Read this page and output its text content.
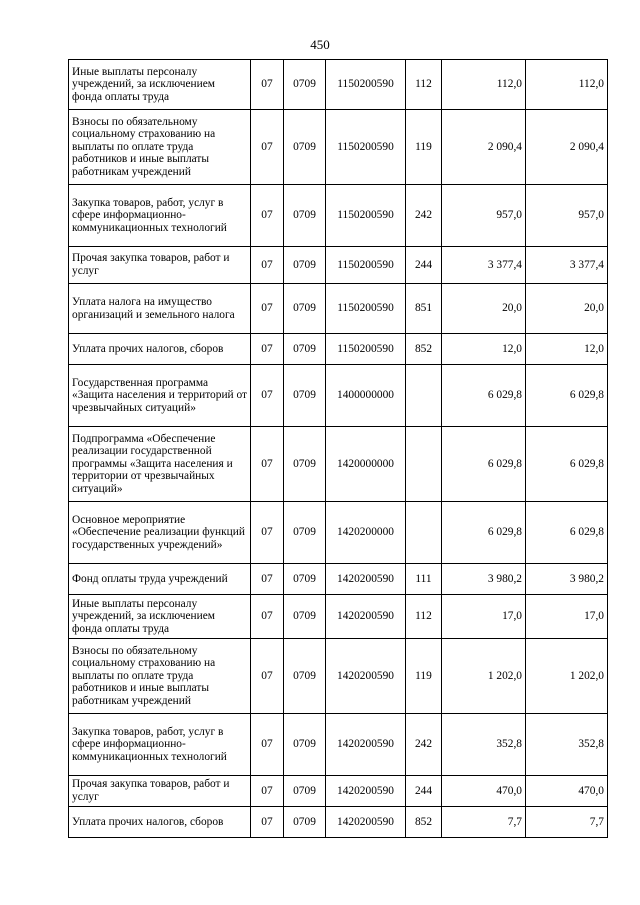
450
Иные выплаты персоналу учреждений, за исключением фонда оплаты труда	07	0709	1150200590	112	112,0	112,0
Взносы по обязательному социальному страхованию на выплаты по оплате труда работников и иные выплаты работникам учреждений	07	0709	1150200590	119	2 090,4	2 090,4
Закупка товаров, работ, услуг в сфере информационно-коммуникационных технологий	07	0709	1150200590	242	957,0	957,0
Прочая закупка товаров, работ и услуг	07	0709	1150200590	244	3 377,4	3 377,4
Уплата налога на имущество организаций и земельного налога	07	0709	1150200590	851	20,0	20,0
Уплата прочих налогов, сборов	07	0709	1150200590	852	12,0	12,0
Государственная программа «Защита населения и территорий от чрезвычайных ситуаций»	07	0709	1400000000		6 029,8	6 029,8
Подпрограмма «Обеспечение реализации государственной программы «Защита населения и территории от чрезвычайных ситуаций»	07	0709	1420000000		6 029,8	6 029,8
Основное мероприятие «Обеспечение реализации функций государственных учреждений»	07	0709	1420200000		6 029,8	6 029,8
Фонд оплаты труда учреждений	07	0709	1420200590	111	3 980,2	3 980,2
Иные выплаты персоналу учреждений, за исключением фонда оплаты труда	07	0709	1420200590	112	17,0	17,0
Взносы по обязательному социальному страхованию на выплаты по оплате труда работников и иные выплаты работникам учреждений	07	0709	1420200590	119	1 202,0	1 202,0
Закупка товаров, работ, услуг в сфере информационно-коммуникационных технологий	07	0709	1420200590	242	352,8	352,8
Прочая закупка товаров, работ и услуг	07	0709	1420200590	244	470,0	470,0
Уплата прочих налогов, сборов	07	0709	1420200590	852	7,7	7,7
